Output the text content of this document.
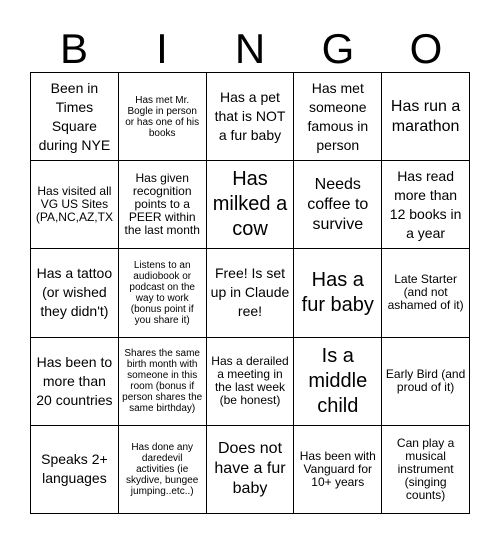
B	I	N	G	O
Been in Times Square during NYE
Has met Mr. Bogle in person or has one of his books
Has a pet that is NOT a fur baby
Has met someone famous in person
Has run a marathon
Has visited all VG US Sites (PA,NC,AZ,TX
Has given recognition points to a PEER within the last month
Has milked a cow
Needs coffee to survive
Has read more than 12 books in a year
Has a tattoo (or wished they didn't)
Listens to an audiobook or podcast on the way to work (bonus point if you share it)
Free! Is set up in Claude ree!
Has a fur baby
Late Starter (and not ashamed of it)
Has been to more than 20 countries
Shares the same birth month with someone in this room (bonus if person shares the same birthday)
Has a derailed a meeting in the last week (be honest)
Is a middle child
Early Bird (and proud of it)
Speaks 2+ languages
Has done any daredevil activities (ie skydive, bungee jumping..etc..)
Does not have a fur baby
Has been with Vanguard for 10+ years
Can play a musical instrument (singing counts)
